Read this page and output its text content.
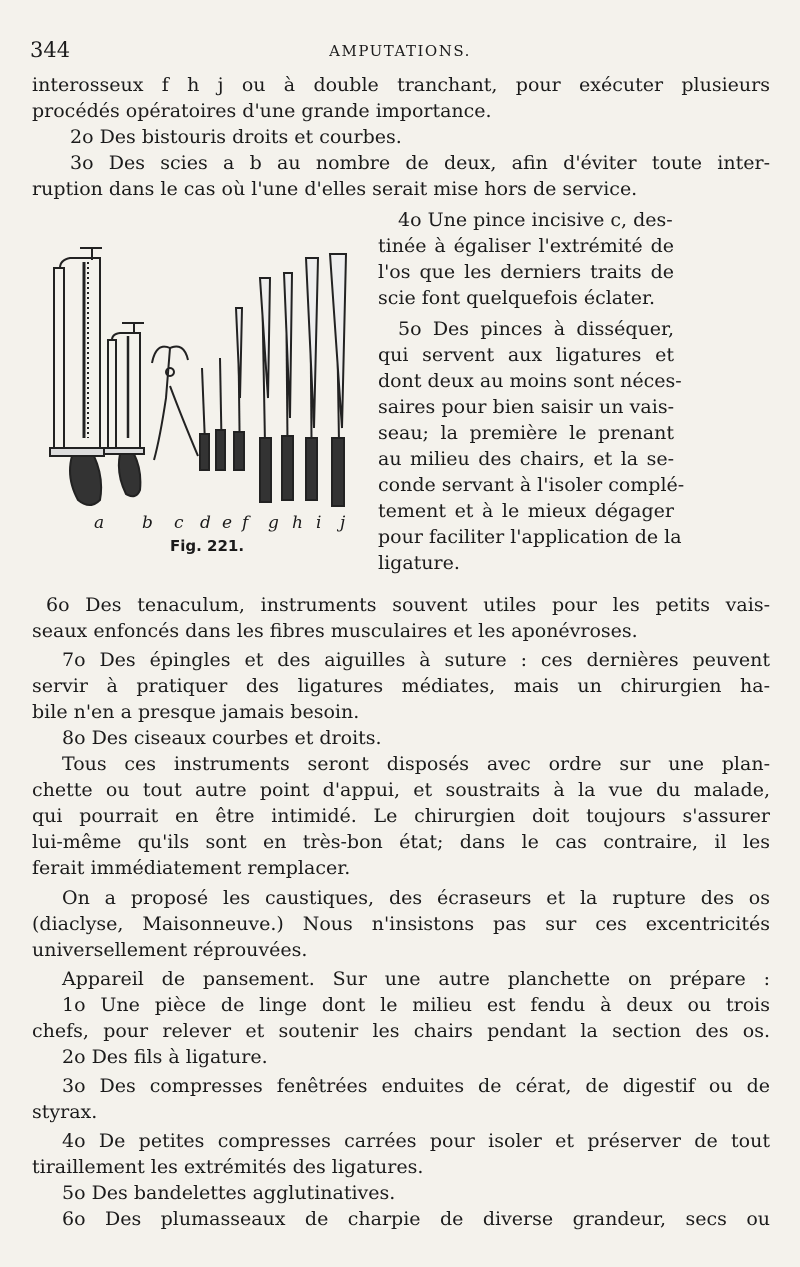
344	AMPUTATIONS.
interosseux f h j ou à double tranchant, pour exécuter plusieurs
procédés opératoires d'une grande importance.
2o Des bistouris droits et courbes.
3o Des scies a b au nombre de deux, afin d'éviter toute inter-
ruption dans le cas où l'une d'elles serait mise hors de service.
4o Une pince incisive c, des-
tinée à égaliser l'extrémité de
l'os que les derniers traits de
scie font quelquefois éclater.
5o Des pinces à disséquer,
qui servent aux ligatures et
dont deux au moins sont néces-
saires pour bien saisir un vais-
seau; la première le prenant
au milieu des chairs, et la se-
conde servant à l'isoler complé-
tement et à le mieux dégager
pour faciliter l'application de la
ligature.
a b c d e f g h i j
Fig. 221.
6o Des tenaculum, instruments souvent utiles pour les petits vais-
seaux enfoncés dans les fibres musculaires et les aponévroses.
7o Des épingles et des aiguilles à suture : ces dernières peuvent
servir à pratiquer des ligatures médiates, mais un chirurgien ha-
bile n'en a presque jamais besoin.
8o Des ciseaux courbes et droits.
Tous ces instruments seront disposés avec ordre sur une plan-
chette ou tout autre point d'appui, et soustraits à la vue du malade,
qui pourrait en être intimidé. Le chirurgien doit toujours s'assurer
lui-même qu'ils sont en très-bon état; dans le cas contraire, il les
ferait immédiatement remplacer.
On a proposé les caustiques, des écraseurs et la rupture des os
(diaclyse, Maisonneuve.) Nous n'insistons pas sur ces excentricités
universellement réprouvées.
Appareil de pansement. Sur une autre planchette on prépare :
1o Une pièce de linge dont le milieu est fendu à deux ou trois
chefs, pour relever et soutenir les chairs pendant la section des os.
2o Des fils à ligature.
3o Des compresses fenêtrées enduites de cérat, de digestif ou de
styrax.
4o De petites compresses carrées pour isoler et préserver de tout
tiraillement les extrémités des ligatures.
5o Des bandelettes agglutinatives.
6o Des plumasseaux de charpie de diverse grandeur, secs ou
